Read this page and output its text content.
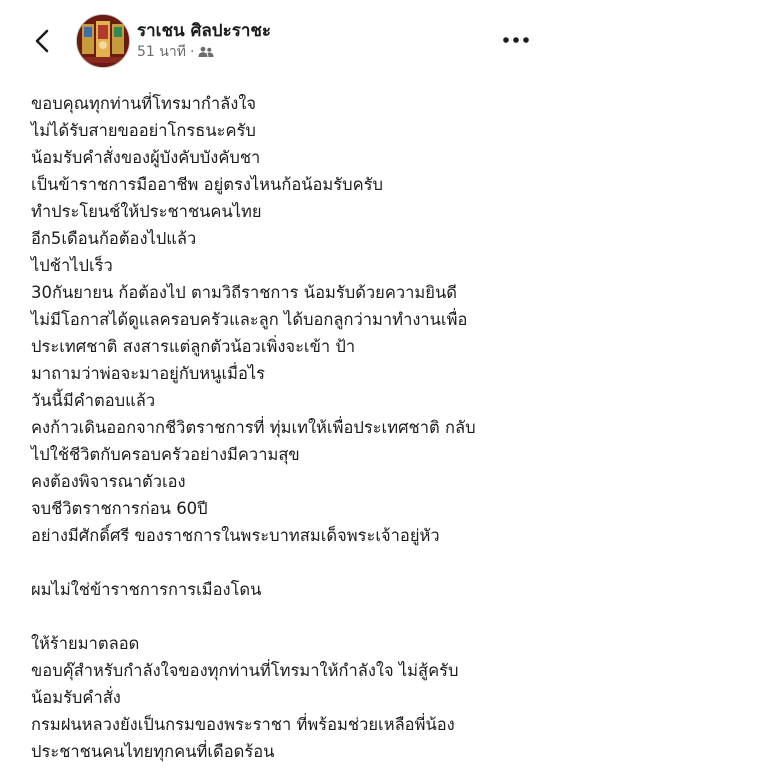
ราเชน ศิลปะราชะ
51 นาที ·
ขอบคุณทุกท่านที่โทรมากำลังใจ
ไม่ได้รับสายขออย่าโกรธนะครับ
น้อมรับคำสั่งของผู้บังคับบังคับชา
เป็นข้าราชการมืออาชีพ อยู่ตรงไหนก้อน้อมรับครับ
ทำประโยนช์ให้ประชาชนคนไทย
อีก5เดือนก้อต้องไปแล้ว
ไปช้าไปเร็ว
30กันยายน ก้อต้องไป ตามวิถีราชการ น้อมรับด้วยความยินดี
ไม่มีโอกาสได้ดูแลครอบครัวและลูก ได้บอกลูกว่ามาทำงานเพื่อ
ประเทศชาติ สงสารแต่ลูกตัวน้อวเพิ่งจะเข้า ป้า
มาถามว่าพ่อจะมาอยู่กับหนูเมื่อไร
วันนี้มีคำตอบแล้ว
คงก้าวเดินออกจากชีวิตราชการที่ ทุ่มเทให้เพื่อประเทศชาติ กลับ
ไปใช้ชีวิตกับครอบครัวอย่างมีความสุข
คงต้องพิจารณาตัวเอง
จบชีวิตราชการก่อน 60ปี
อย่างมีศักดิ์ศรี ของราชการในพระบาทสมเด็จพระเจ้าอยู่หัว
ผมไม่ใช่ข้าราชการการเมืองโดน
ให้ร้ายมาตลอด
ขอบคุ๊สำหรับกำลังใจของทุกท่านที่โทรมาให้กำลังใจ ไม่สู้ครับ
น้อมรับคำสั่ง
กรมฝนหลวงยังเป็นกรมของพระราชา ที่พร้อมช่วยเหลือพี่น้อง
ประชาชนคนไทยทุกคนที่เดือดร้อน
